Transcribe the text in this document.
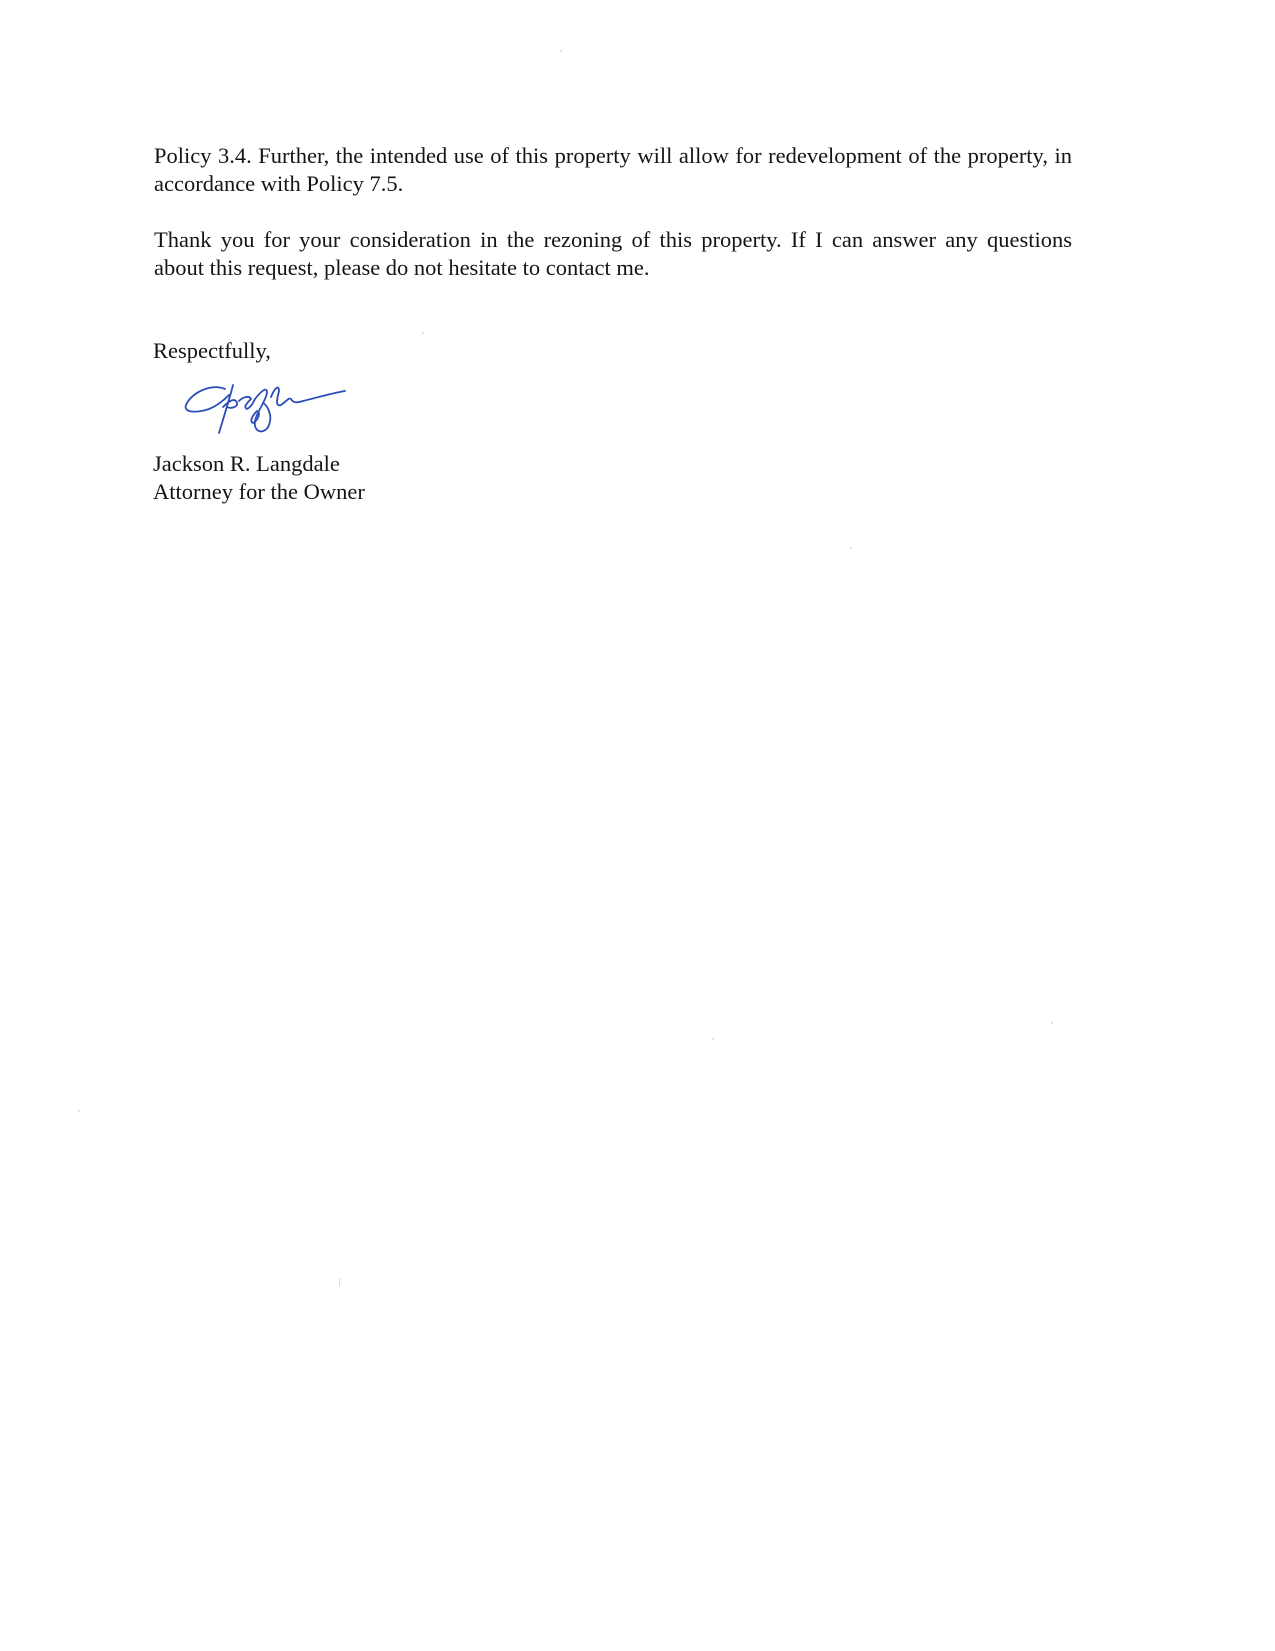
Policy 3.4. Further, the intended use of this property will allow for redevelopment of the property, in
accordance with Policy 7.5.

Thank you for your consideration in the rezoning of this property. If I can answer any questions
about this request, please do not hesitate to contact me.

Respectfully,

Jackson R. Langdale
Attorney for the Owner
